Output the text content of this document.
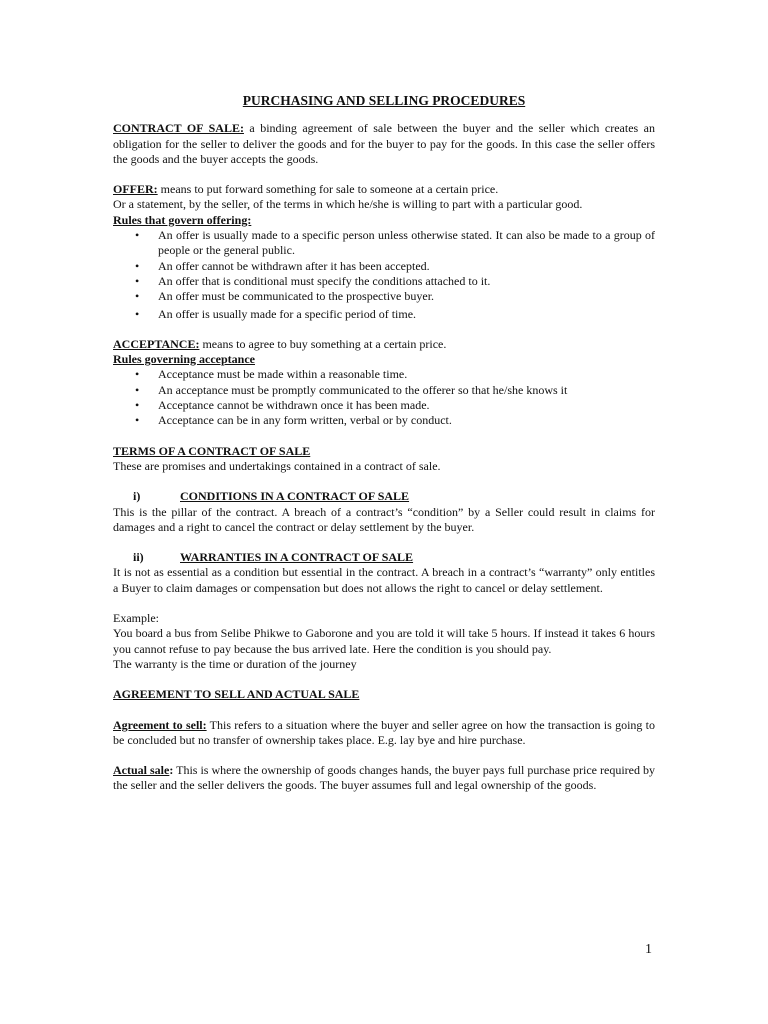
PURCHASING AND SELLING PROCEDURES

CONTRACT OF SALE: a binding agreement of sale between the buyer and the seller which creates an obligation for the seller to deliver the goods and for the buyer to pay for the goods. In this case the seller offers the goods and the buyer accepts the goods.

OFFER: means to put forward something for sale to someone at a certain price.

Or a statement, by the seller, of the terms in which he/she is willing to part with a particular good.

Rules that govern offering:

• An offer is usually made to a specific person unless otherwise stated. It can also be made to a group of people or the general public.
• An offer cannot be withdrawn after it has been accepted.
• An offer that is conditional must specify the conditions attached to it.
• An offer must be communicated to the prospective buyer.
• An offer is usually made for a specific period of time.

ACCEPTANCE: means to agree to buy something at a certain price.

Rules governing acceptance

• Acceptance must be made within a reasonable time.
• An acceptance must be promptly communicated to the offerer so that he/she knows it
• Acceptance cannot be withdrawn once it has been made.
• Acceptance can be in any form written, verbal or by conduct.

TERMS OF A CONTRACT OF SALE

These are promises and undertakings contained in a contract of sale.

i)	CONDITIONS IN A CONTRACT OF SALE

This is the pillar of the contract. A breach of a contract’s “condition” by a Seller could result in claims for damages and a right to cancel the contract or delay settlement by the buyer.

ii)	WARRANTIES IN A CONTRACT OF SALE

It is not as essential as a condition but essential in the contract. A breach in a contract’s “warranty” only entitles a Buyer to claim damages or compensation but does not allows the right to cancel or delay settlement.

Example:

You board a bus from Selibe Phikwe to Gaborone and you are told it will take 5 hours. If instead it takes 6 hours you cannot refuse to pay because the bus arrived late. Here the condition is you should pay.

The warranty is the time or duration of the journey

AGREEMENT TO SELL AND ACTUAL SALE

Agreement to sell: This refers to a situation where the buyer and seller agree on how the transaction is going to be concluded but no transfer of ownership takes place. E.g. lay bye and hire purchase.

Actual sale: This is where the ownership of goods changes hands, the buyer pays full purchase price required by the seller and the seller delivers the goods. The buyer assumes full and legal ownership of the goods.

1
